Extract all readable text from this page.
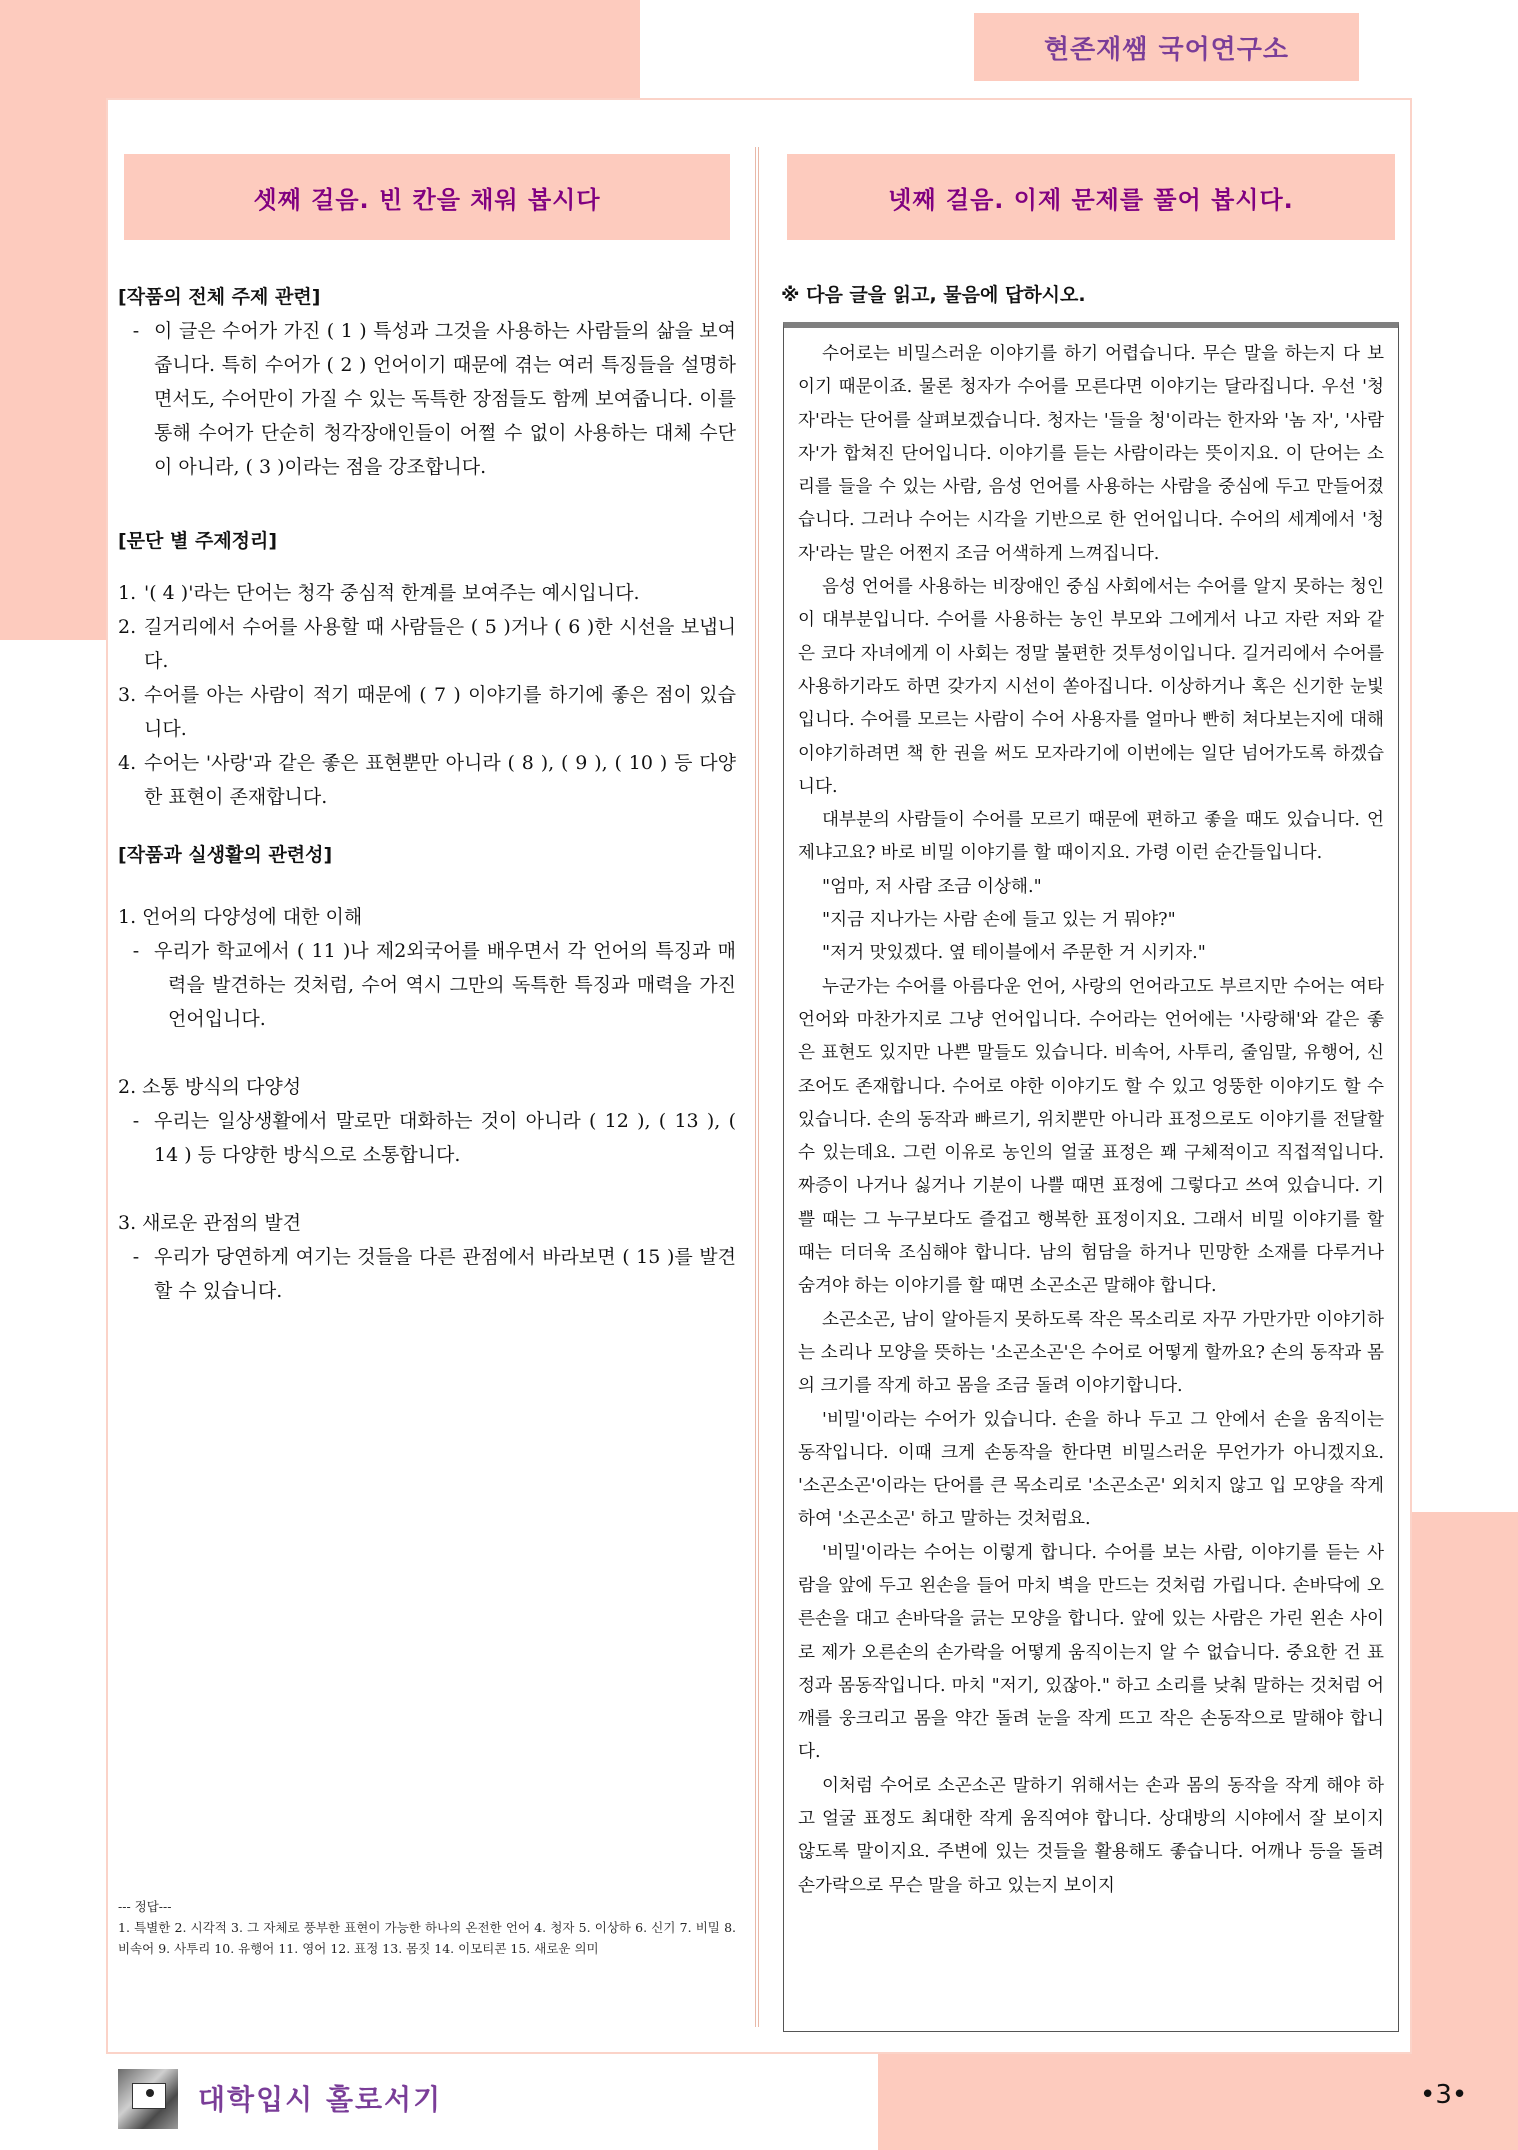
현존재쌤 국어연구소
셋째 걸음. 빈 칸을 채워 봅시다
[작품의 전체 주제 관련]
- 이 글은 수어가 가진 ( 1 ) 특성과 그것을 사용하는 사람들의 삶을 보여줍니다. 특히 수어가 ( 2 ) 언어이기 때문에 겪는 여러 특징들을 설명하면서도, 수어만이 가질 수 있는 독특한 장점들도 함께 보여줍니다. 이를 통해 수어가 단순히 청각장애인들이 어쩔 수 없이 사용하는 대체 수단이 아니라, ( 3 )이라는 점을 강조합니다.
[문단 별 주제정리]
1. '( 4 )'라는 단어는 청각 중심적 한계를 보여주는 예시입니다.
2. 길거리에서 수어를 사용할 때 사람들은 ( 5 )거나 ( 6 )한 시선을 보냅니다.
3. 수어를 아는 사람이 적기 때문에 ( 7 ) 이야기를 하기에 좋은 점이 있습니다.
4. 수어는 '사랑'과 같은 좋은 표현뿐만 아니라 ( 8 ), ( 9 ), ( 10 ) 등 다양한 표현이 존재합니다.
[작품과 실생활의 관련성]
1. 언어의 다양성에 대한 이해
- 우리가 학교에서 ( 11 )나 제2외국어를 배우면서 각 언어의 특징과 매력을 발견하는 것처럼, 수어 역시 그만의 독특한 특징과 매력을 가진 언어입니다.
2. 소통 방식의 다양성
- 우리는 일상생활에서 말로만 대화하는 것이 아니라 ( 12 ), ( 13 ), ( 14 ) 등 다양한 방식으로 소통합니다.
3. 새로운 관점의 발견
- 우리가 당연하게 여기는 것들을 다른 관점에서 바라보면 ( 15 )를 발견할 수 있습니다.
--- 정답---
1. 특별한 2. 시각적 3. 그 자체로 풍부한 표현이 가능한 하나의 온전한 언어 4. 청자 5. 이상하 6. 신기 7. 비밀 8. 비속어 9. 사투리 10. 유행어 11. 영어 12. 표정 13. 몸짓 14. 이모티콘 15. 새로운 의미
넷째 걸음. 이제 문제를 풀어 봅시다.
※ 다음 글을 읽고, 물음에 답하시오.

수어로는 비밀스러운 이야기를 하기 어렵습니다. 무슨 말을 하는지 다 보이기 때문이죠. 물론 청자가 수어를 모른다면 이야기는 달라집니다. 우선 '청자'라는 단어를 살펴보겠습니다. 청자는 '들을 청'이라는 한자와 '놈 자', '사람 자'가 합쳐진 단어입니다. 이야기를 듣는 사람이라는 뜻이지요. 이 단어는 소리를 들을 수 있는 사람, 음성 언어를 사용하는 사람을 중심에 두고 만들어졌습니다. 그러나 수어는 시각을 기반으로 한 언어입니다. 수어의 세계에서 '청자'라는 말은 어쩐지 조금 어색하게 느껴집니다.

음성 언어를 사용하는 비장애인 중심 사회에서는 수어를 알지 못하는 청인이 대부분입니다. 수어를 사용하는 농인 부모와 그에게서 나고 자란 저와 같은 코다 자녀에게 이 사회는 정말 불편한 것투성이입니다. 길거리에서 수어를 사용하기라도 하면 갖가지 시선이 쏟아집니다. 이상하거나 혹은 신기한 눈빛입니다. 수어를 모르는 사람이 수어 사용자를 얼마나 빤히 쳐다보는지에 대해 이야기하려면 책 한 권을 써도 모자라기에 이번에는 일단 넘어가도록 하겠습니다.

대부분의 사람들이 수어를 모르기 때문에 편하고 좋을 때도 있습니다. 언제냐고요? 바로 비밀 이야기를 할 때이지요. 가령 이런 순간들입니다.

"엄마, 저 사람 조금 이상해."

"지금 지나가는 사람 손에 들고 있는 거 뭐야?"

"저거 맛있겠다. 옆 테이블에서 주문한 거 시키자."

누군가는 수어를 아름다운 언어, 사랑의 언어라고도 부르지만 수어는 여타 언어와 마찬가지로 그냥 언어입니다. 수어라는 언어에는 '사랑해'와 같은 좋은 표현도 있지만 나쁜 말들도 있습니다. 비속어, 사투리, 줄임말, 유행어, 신조어도 존재합니다. 수어로 야한 이야기도 할 수 있고 엉뚱한 이야기도 할 수 있습니다. 손의 동작과 빠르기, 위치뿐만 아니라 표정으로도 이야기를 전달할 수 있는데요. 그런 이유로 농인의 얼굴 표정은 꽤 구체적이고 직접적입니다. 짜증이 나거나 싫거나 기분이 나쁠 때면 표정에 그렇다고 쓰여 있습니다. 기쁠 때는 그 누구보다도 즐겁고 행복한 표정이지요. 그래서 비밀 이야기를 할 때는 더더욱 조심해야 합니다. 남의 험담을 하거나 민망한 소재를 다루거나 숨겨야 하는 이야기를 할 때면 소곤소곤 말해야 합니다.

소곤소곤, 남이 알아듣지 못하도록 작은 목소리로 자꾸 가만가만 이야기하는 소리나 모양을 뜻하는 '소곤소곤'은 수어로 어떻게 할까요? 손의 동작과 몸의 크기를 작게 하고 몸을 조금 돌려 이야기합니다.

'비밀'이라는 수어가 있습니다. 손을 하나 두고 그 안에서 손을 움직이는 동작입니다. 이때 크게 손동작을 한다면 비밀스러운 무언가가 아니겠지요. '소곤소곤'이라는 단어를 큰 목소리로 '소곤소곤' 외치지 않고 입 모양을 작게 하여 '소곤소곤' 하고 말하는 것처럼요.

'비밀'이라는 수어는 이렇게 합니다. 수어를 보는 사람, 이야기를 듣는 사람을 앞에 두고 왼손을 들어 마치 벽을 만드는 것처럼 가립니다. 손바닥에 오른손을 대고 손바닥을 긁는 모양을 합니다. 앞에 있는 사람은 가린 왼손 사이로 제가 오른손의 손가락을 어떻게 움직이는지 알 수 없습니다. 중요한 건 표정과 몸동작입니다. 마치 "저기, 있잖아." 하고 소리를 낮춰 말하는 것처럼 어깨를 웅크리고 몸을 약간 돌려 눈을 작게 뜨고 작은 손동작으로 말해야 합니다.

이처럼 수어로 소곤소곤 말하기 위해서는 손과 몸의 동작을 작게 해야 하고 얼굴 표정도 최대한 작게 움직여야 합니다. 상대방의 시야에서 잘 보이지 않도록 말이지요. 주변에 있는 것들을 활용해도 좋습니다. 어깨나 등을 돌려 손가락으로 무슨 말을 하고 있는지 보이지

대학입시 홀로서기	•3•
